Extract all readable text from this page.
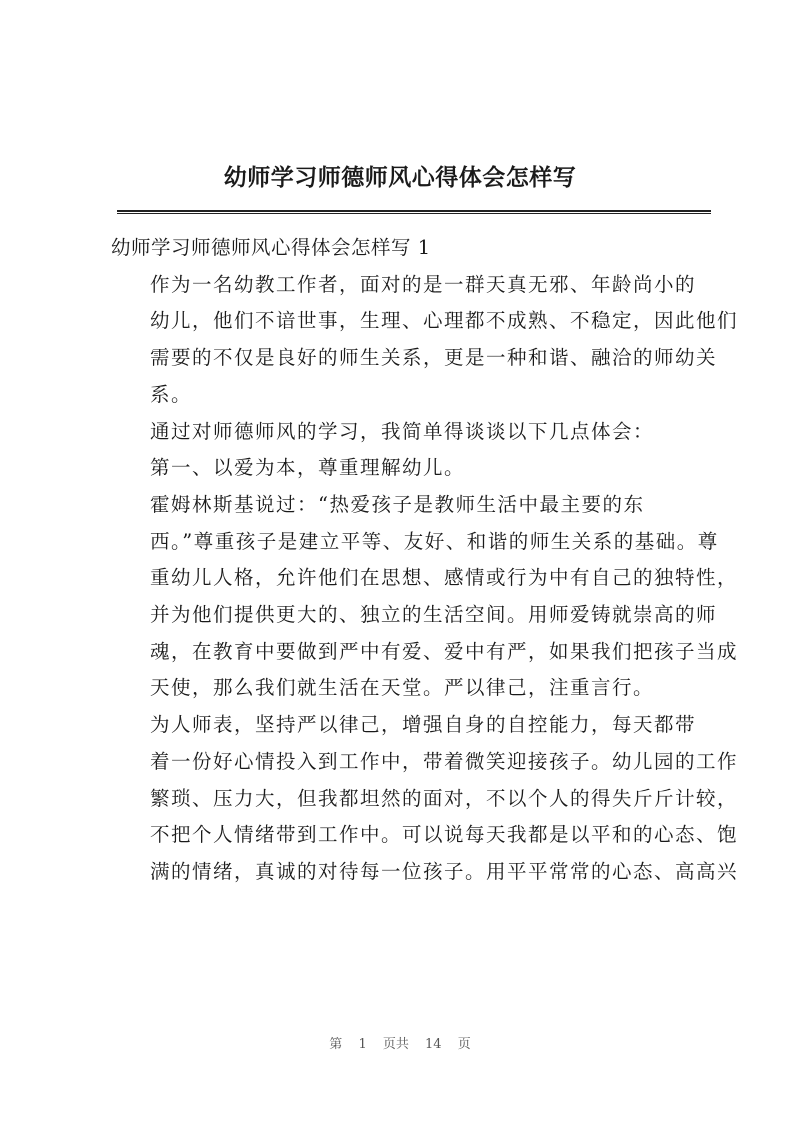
幼师学习师德师风心得体会怎样写

幼师学习师德师风心得体会怎样写 1

作为一名幼教工作者，面对的是一群天真无邪、年龄尚小的
幼儿，他们不谙世事，生理、心理都不成熟、不稳定，因此他们
需要的不仅是良好的师生关系，更是一种和谐、融洽的师幼关
系。

通过对师德师风的学习，我简单得谈谈以下几点体会：

第一、以爱为本，尊重理解幼儿。

霍姆林斯基说过：“热爱孩子是教师生活中最主要的东
西。”尊重孩子是建立平等、友好、和谐的师生关系的基础。尊
重幼儿人格，允许他们在思想、感情或行为中有自己的独特性，
并为他们提供更大的、独立的生活空间。用师爱铸就崇高的师
魂，在教育中要做到严中有爱、爱中有严，如果我们把孩子当成
天使，那么我们就生活在天堂。严以律己，注重言行。

为人师表，坚持严以律己，增强自身的自控能力，每天都带
着一份好心情投入到工作中，带着微笑迎接孩子。幼儿园的工作
繁琐、压力大，但我都坦然的面对，不以个人的得失斤斤计较，
不把个人情绪带到工作中。可以说每天我都是以平和的心态、饱
满的情绪，真诚的对待每一位孩子。用平平常常的心态、高高兴

第 1 页共 14 页
